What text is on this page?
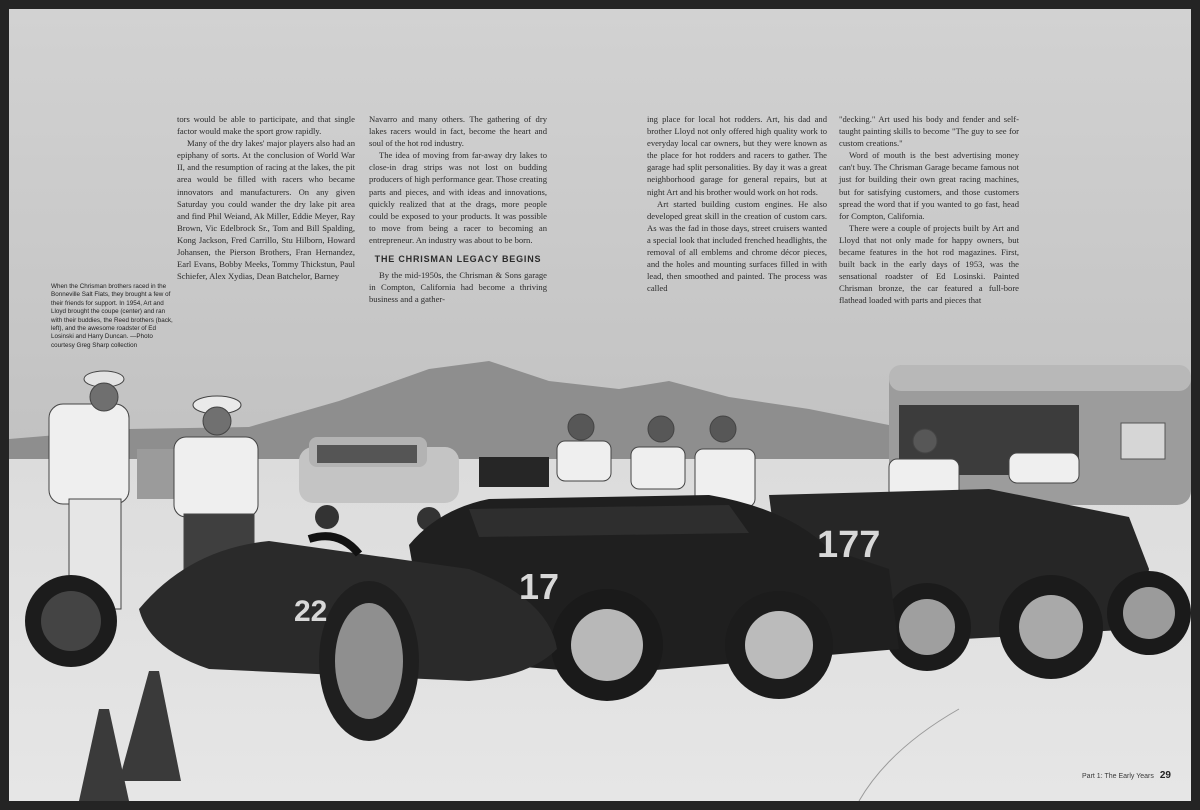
22
17
177
When the Chrisman brothers raced in the Bonneville Salt Flats, they brought a few of their friends for support. In 1954, Art and Lloyd brought the coupe (center) and ran with their buddies, the Reed brothers (back, left), and the awesome roadster of Ed Losinski and Harry Duncan. —Photo courtesy Greg Sharp collection

tors would be able to participate, and that single factor would make the sport grow rapidly.

Many of the dry lakes' major players also had an epiphany of sorts. At the conclusion of World War II, and the resumption of racing at the lakes, the pit area would be filled with racers who became innovators and manufacturers. On any given Saturday you could wander the dry lake pit area and find Phil Weiand, Ak Miller, Eddie Meyer, Ray Brown, Vic Edelbrock Sr., Tom and Bill Spalding, Kong Jackson, Fred Carrillo, Stu Hilborn, Howard Johansen, the Pierson Brothers, Fran Hernandez, Earl Evans, Bobby Meeks, Tommy Thickstun, Paul Schiefer, Alex Xydias, Dean Batchelor, Barney

Navarro and many others. The gathering of dry lakes racers would in fact, become the heart and soul of the hot rod industry.

The idea of moving from far-away dry lakes to close-in drag strips was not lost on budding producers of high performance gear. Those creating parts and pieces, and with ideas and innovations, quickly realized that at the drags, more people could be exposed to your products. It was possible to move from being a racer to becoming an entrepreneur. An industry was about to be born.

THE CHRISMAN LEGACY BEGINS

By the mid-1950s, the Chrisman & Sons garage in Compton, California had become a thriving business and a gather-

ing place for local hot rodders. Art, his dad and brother Lloyd not only offered high quality work to everyday local car owners, but they were known as the place for hot rodders and racers to gather. The garage had split personalities. By day it was a great neighborhood garage for general repairs, but at night Art and his brother would work on hot rods.

Art started building custom engines. He also developed great skill in the creation of custom cars. As was the fad in those days, street cruisers wanted a special look that included frenched headlights, the removal of all emblems and chrome décor pieces, and the holes and mounting surfaces filled in with lead, then smoothed and painted. The process was called

"decking." Art used his body and fender and self-taught painting skills to become "The guy to see for custom creations."

Word of mouth is the best advertising money can't buy. The Chrisman Garage became famous not just for building their own great racing machines, but for satisfying customers, and those customers spread the word that if you wanted to go fast, head for Compton, California.

There were a couple of projects built by Art and Lloyd that not only made for happy owners, but became features in the hot rod magazines. First, built back in the early days of 1953, was the sensational roadster of Ed Losinski. Painted Chrisman bronze, the car featured a full-bore flathead loaded with parts and pieces that

Part 1: The Early Years 29
